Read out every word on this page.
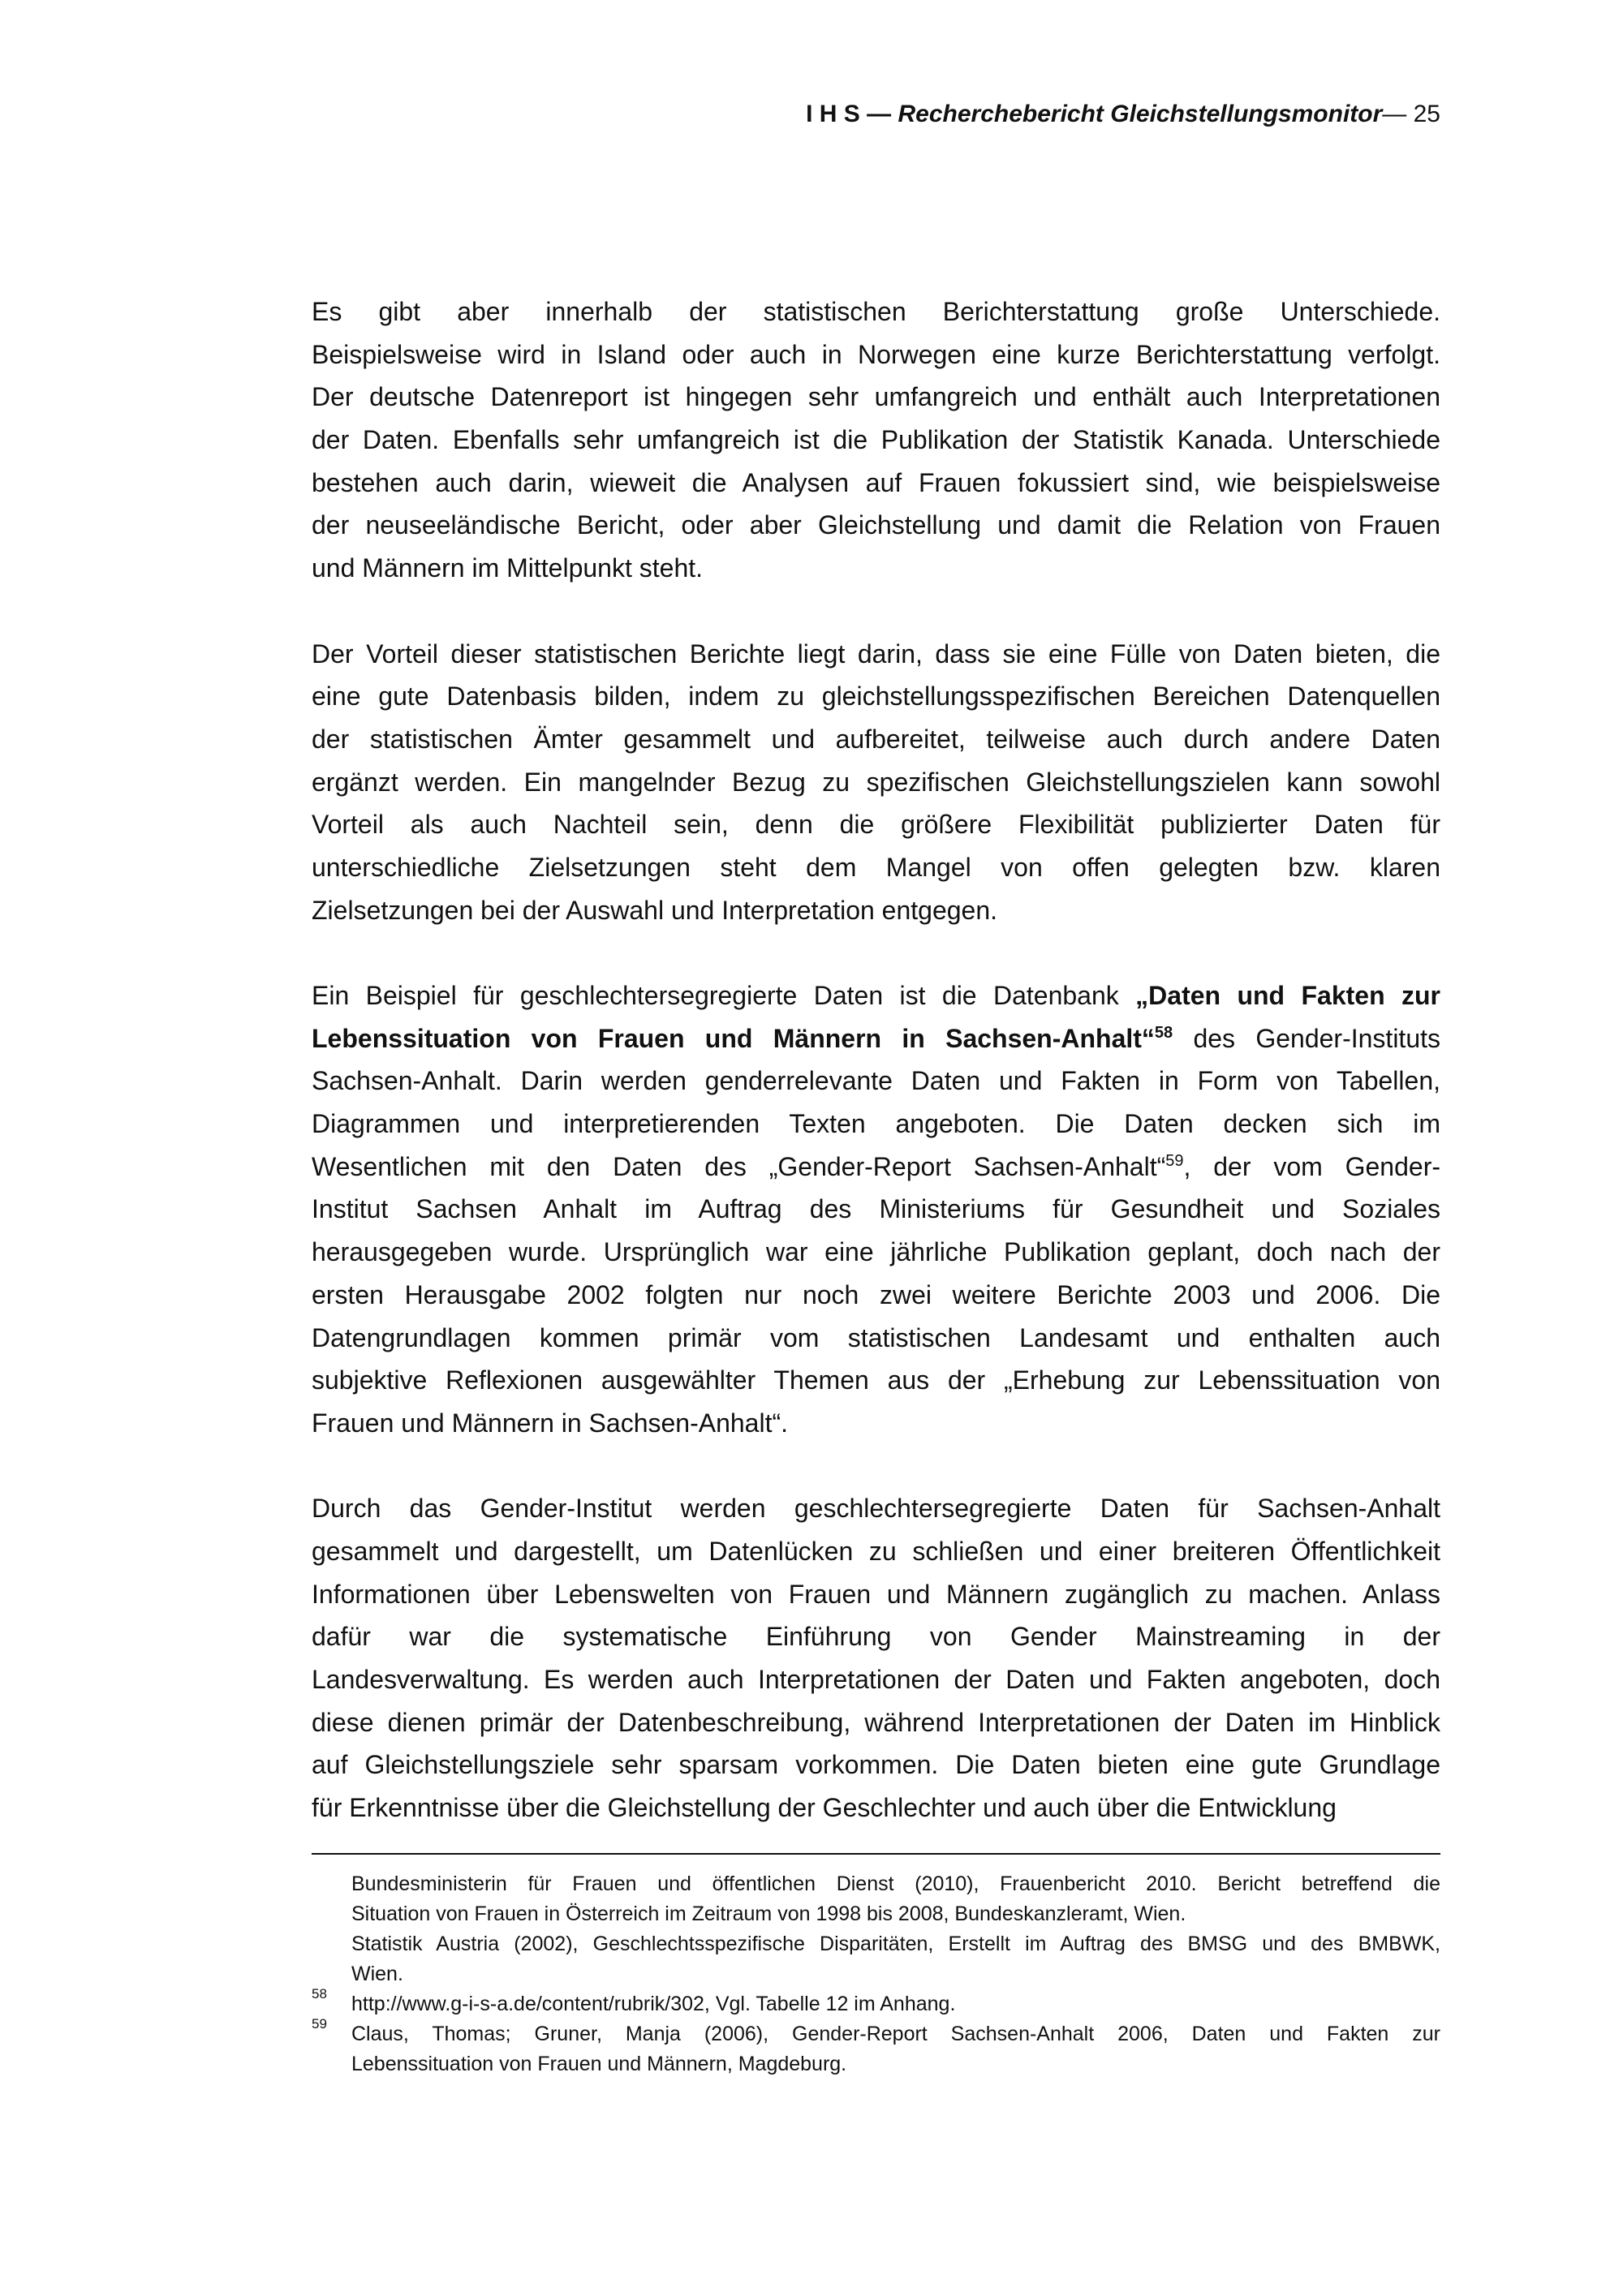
I H S — Recherchebericht Gleichstellungsmonitor— 25
Es gibt aber innerhalb der statistischen Berichterstattung große Unterschiede.
Beispielsweise wird in Island oder auch in Norwegen eine kurze Berichterstattung verfolgt.
Der deutsche Datenreport ist hingegen sehr umfangreich und enthält auch Interpretationen
der Daten. Ebenfalls sehr umfangreich ist die Publikation der Statistik Kanada. Unterschiede
bestehen auch darin, wieweit die Analysen auf Frauen fokussiert sind, wie beispielsweise
der neuseeländische Bericht, oder aber Gleichstellung und damit die Relation von Frauen
und Männern im Mittelpunkt steht.
Der Vorteil dieser statistischen Berichte liegt darin, dass sie eine Fülle von Daten bieten, die
eine gute Datenbasis bilden, indem zu gleichstellungsspezifischen Bereichen Datenquellen
der statistischen Ämter gesammelt und aufbereitet, teilweise auch durch andere Daten
ergänzt werden. Ein mangelnder Bezug zu spezifischen Gleichstellungszielen kann sowohl
Vorteil als auch Nachteil sein, denn die größere Flexibilität publizierter Daten für
unterschiedliche Zielsetzungen steht dem Mangel von offen gelegten bzw. klaren
Zielsetzungen bei der Auswahl und Interpretation entgegen.
Ein Beispiel für geschlechtersegregierte Daten ist die Datenbank „Daten und Fakten zur
Lebenssituation von Frauen und Männern in Sachsen-Anhalt“$^{58}$ des Gender-Instituts
Sachsen-Anhalt. Darin werden genderrelevante Daten und Fakten in Form von Tabellen,
Diagrammen und interpretierenden Texten angeboten. Die Daten decken sich im
Wesentlichen mit den Daten des „Gender-Report Sachsen-Anhalt“$^{59}$, der vom Gender-
Institut Sachsen Anhalt im Auftrag des Ministeriums für Gesundheit und Soziales
herausgegeben wurde. Ursprünglich war eine jährliche Publikation geplant, doch nach der
ersten Herausgabe 2002 folgten nur noch zwei weitere Berichte 2003 und 2006. Die
Datengrundlagen kommen primär vom statistischen Landesamt und enthalten auch
subjektive Reflexionen ausgewählter Themen aus der „Erhebung zur Lebenssituation von
Frauen und Männern in Sachsen-Anhalt“.
Durch das Gender-Institut werden geschlechtersegregierte Daten für Sachsen-Anhalt
gesammelt und dargestellt, um Datenlücken zu schließen und einer breiteren Öffentlichkeit
Informationen über Lebenswelten von Frauen und Männern zugänglich zu machen. Anlass
dafür war die systematische Einführung von Gender Mainstreaming in der
Landesverwaltung. Es werden auch Interpretationen der Daten und Fakten angeboten, doch
diese dienen primär der Datenbeschreibung, während Interpretationen der Daten im Hinblick
auf Gleichstellungsziele sehr sparsam vorkommen. Die Daten bieten eine gute Grundlage
für Erkenntnisse über die Gleichstellung der Geschlechter und auch über die Entwicklung
Bundesministerin für Frauen und öffentlichen Dienst (2010), Frauenbericht 2010. Bericht betreffend die
Situation von Frauen in Österreich im Zeitraum von 1998 bis 2008, Bundeskanzleramt, Wien.
Statistik Austria (2002), Geschlechtsspezifische Disparitäten, Erstellt im Auftrag des BMSG und des BMBWK,
Wien.
58 http://www.g-i-s-a.de/content/rubrik/302, Vgl. Tabelle 12 im Anhang.
59 Claus, Thomas; Gruner, Manja (2006), Gender-Report Sachsen-Anhalt 2006, Daten und Fakten zur
Lebenssituation von Frauen und Männern, Magdeburg.
